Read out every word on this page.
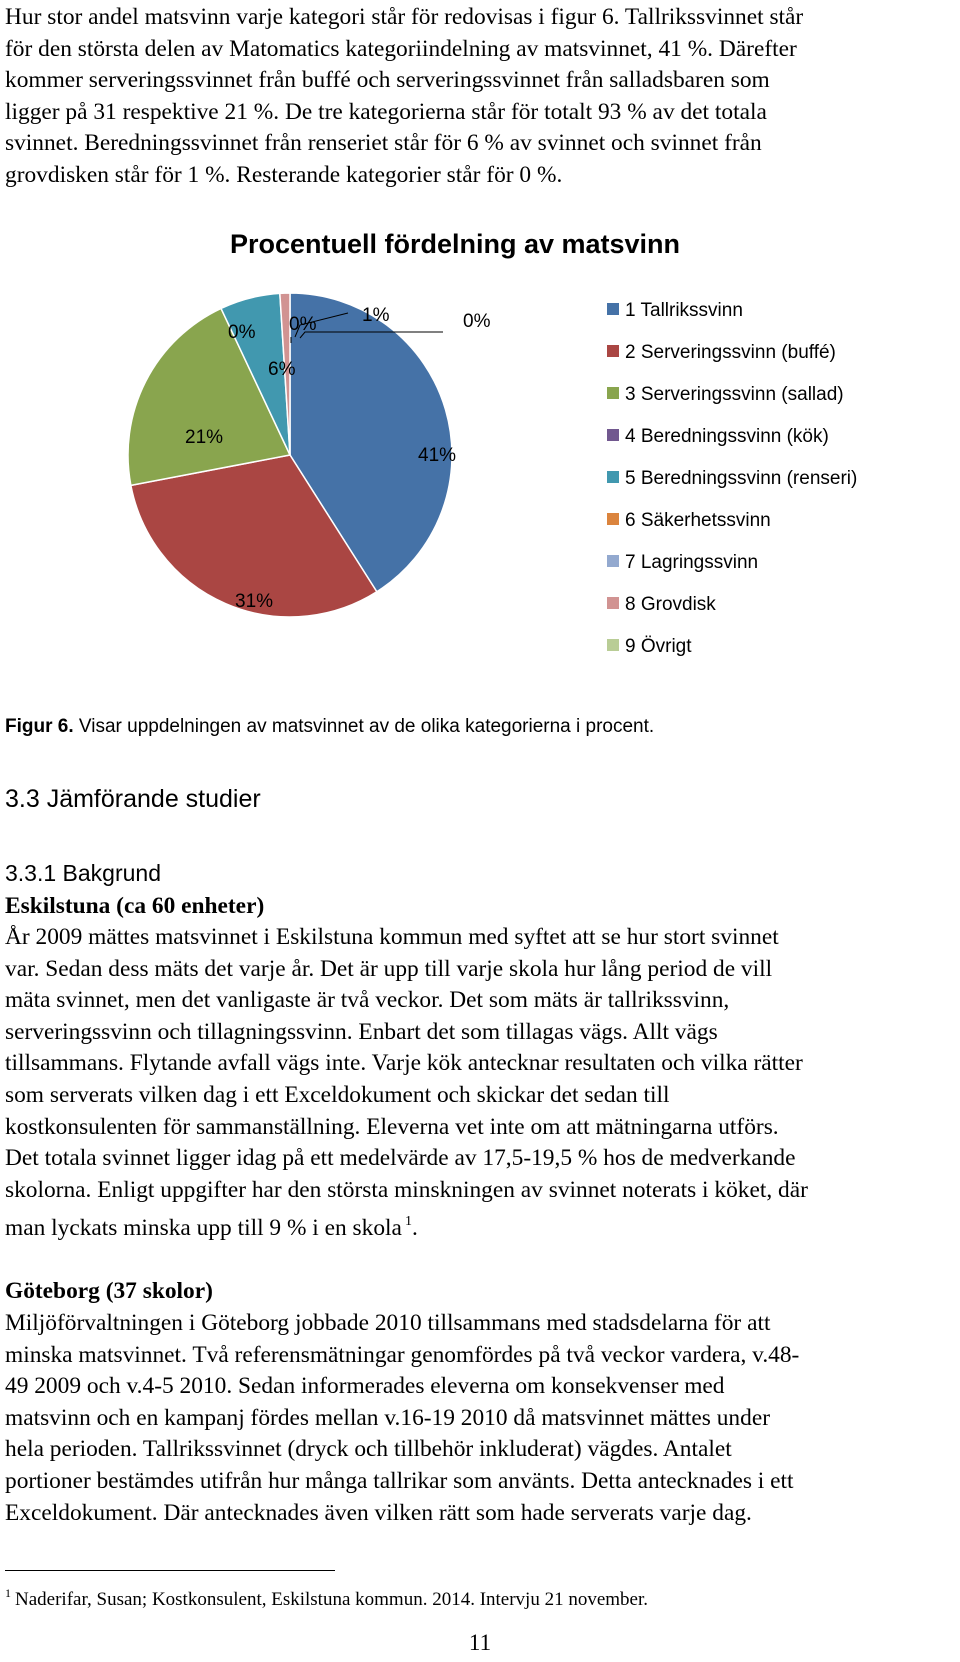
Hur stor andel matsvinn varje kategori står för redovisas i figur 6. Tallrikssvinnet står

för den största delen av Matomatics kategoriindelning av matsvinnet, 41 %. Därefter

kommer serveringssvinnet från buffé och serveringssvinnet från salladsbaren som

ligger på 31 respektive 21 %. De tre kategorierna står för totalt 93 % av det totala

svinnet. Beredningssvinnet från renseriet står för 6 % av svinnet och svinnet från

grovdisken står för 1 %. Resterande kategorier står för 0 %.

Procentuell fördelning av matsvinn
41%
31%
21%
0%
6%
0% 1%	0%
1 Tallrikssvinn
2 Serveringssvinn (buffé)
3 Serveringssvinn (sallad)
4 Beredningssvinn (kök)
5 Beredningssvinn (renseri)
6 Säkerhetssvinn
7 Lagringssvinn
8 Grovdisk
9 Övrigt
Figur 6. Visar uppdelningen av matsvinnet av de olika kategorierna i procent.
3.3 Jämförande studier
3.3.1 Bakgrund
Eskilstuna (ca 60 enheter)

År 2009 mättes matsvinnet i Eskilstuna kommun med syftet att se hur stort svinnet

var. Sedan dess mäts det varje år. Det är upp till varje skola hur lång period de vill

mäta svinnet, men det vanligaste är två veckor. Det som mäts är tallrikssvinn,

serveringssvinn och tillagningssvinn. Enbart det som tillagas vägs. Allt vägs

tillsammans. Flytande avfall vägs inte. Varje kök antecknar resultaten och vilka rätter

som serverats vilken dag i ett Exceldokument och skickar det sedan till

kostkonsulenten för sammanställning. Eleverna vet inte om att mätningarna utförs.

Det totala svinnet ligger idag på ett medelvärde av 17,5-19,5 % hos de medverkande

skolorna. Enligt uppgifter har den största minskningen av svinnet noterats i köket, där

man lyckats minska upp till 9 % i en skola $^1$.

Göteborg (37 skolor)

Miljöförvaltningen i Göteborg jobbade 2010 tillsammans med stadsdelarna för att

minska matsvinnet. Två referensmätningar genomfördes på två veckor vardera, v.48-

49 2009 och v.4-5 2010. Sedan informerades eleverna om konsekvenser med

matsvinn och en kampanj fördes mellan v.16-19 2010 då matsvinnet mättes under

hela perioden. Tallrikssvinnet (dryck och tillbehör inkluderat) vägdes. Antalet

portioner bestämdes utifrån hur många tallrikar som använts. Detta antecknades i ett

Exceldokument. Där antecknades även vilken rätt som hade serverats varje dag.

$^1$ Naderifar, Susan; Kostkonsulent, Eskilstuna kommun. 2014. Intervju 21 november.
11
